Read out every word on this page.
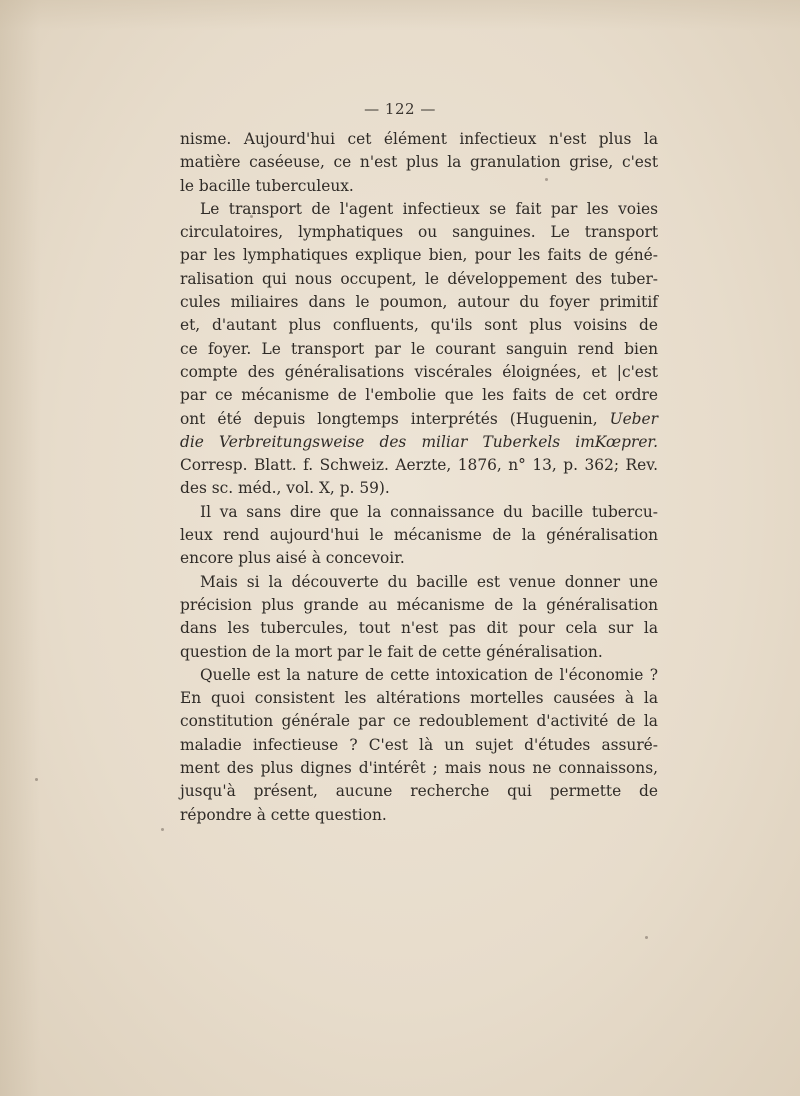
— 122 —
nisme. Aujourd'hui cet élément infectieux n'est plus la
matière caséeuse, ce n'est plus la granulation grise, c'est
le bacille tuberculeux.
Le transport de l'agent infectieux se fait par les voies
circulatoires, lymphatiques ou sanguines. Le transport
par les lymphatiques explique bien, pour les faits de géné-
ralisation qui nous occupent, le développement des tuber-
cules miliaires dans le poumon, autour du foyer primitif
et, d'autant plus confluents, qu'ils sont plus voisins de
ce foyer. Le transport par le courant sanguin rend bien
compte des généralisations viscérales éloignées, et |c'est
par ce mécanisme de l'embolie que les faits de cet ordre
ont été depuis longtemps interprétés (Huguenin, Ueber
die Verbreitungsweise des miliar Tuberkels imKœprer.
Corresp. Blatt. f. Schweiz. Aerzte, 1876, n° 13, p. 362; Rev.
des sc. méd., vol. X, p. 59).
Il va sans dire que la connaissance du bacille tubercu-
leux rend aujourd'hui le mécanisme de la généralisation
encore plus aisé à concevoir.
Mais si la découverte du bacille est venue donner une
précision plus grande au mécanisme de la généralisation
dans les tubercules, tout n'est pas dit pour cela sur la
question de la mort par le fait de cette généralisation.
Quelle est la nature de cette intoxication de l'économie ?
En quoi consistent les altérations mortelles causées à la
constitution générale par ce redoublement d'activité de la
maladie infectieuse ? C'est là un sujet d'études assuré-
ment des plus dignes d'intérêt ; mais nous ne connaissons,
jusqu'à présent, aucune recherche qui permette de
répondre à cette question.
